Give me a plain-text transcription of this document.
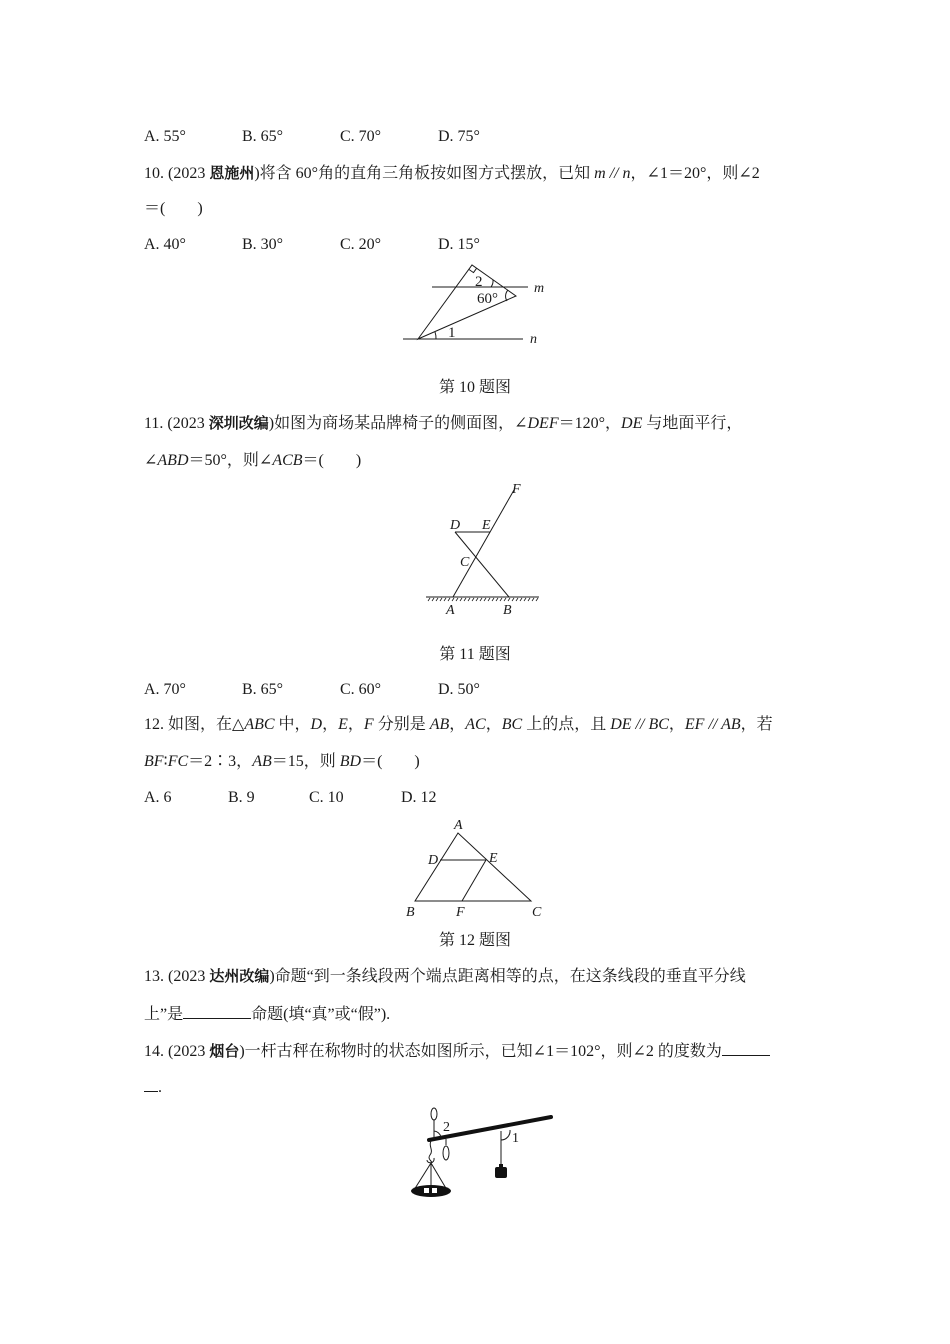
A. 55°	B. 65°	C. 70°	D. 75°
10. (2023 恩施州)将含 60°角的直角三角板按如图方式摆放，已知 m // n，∠1＝20°，则∠2
＝(　　)
A. 40°	B. 30°	C. 20°	D. 15°
2
60°
1
m
n
第 10 题图
11. (2023 深圳改编)如图为商场某品牌椅子的侧面图，∠DEF＝120°，DE 与地面平行，
∠ABD＝50°，则∠ACB＝(　　)
F
D E
C
A	B
第 11 题图
A. 70°	B. 65°	C. 60°	D. 50°
12. 如图，在△ABC 中，D，E，F 分别是 AB，AC，BC 上的点，且 DE // BC，EF // AB，若
BF∶FC＝2∶3，AB＝15，则 BD＝(　　)
A. 6	B. 9	C. 10	D. 12
A
D	E
B	F	C
第 12 题图
13. (2023 达州改编)命题“到一条线段两个端点距离相等的点，在这条线段的垂直平分线
上”是	命题(填“真”或“假”).
14. (2023 烟台)一杆古秤在称物时的状态如图所示，已知∠1＝102°，则∠2 的度数为
.
2
1
